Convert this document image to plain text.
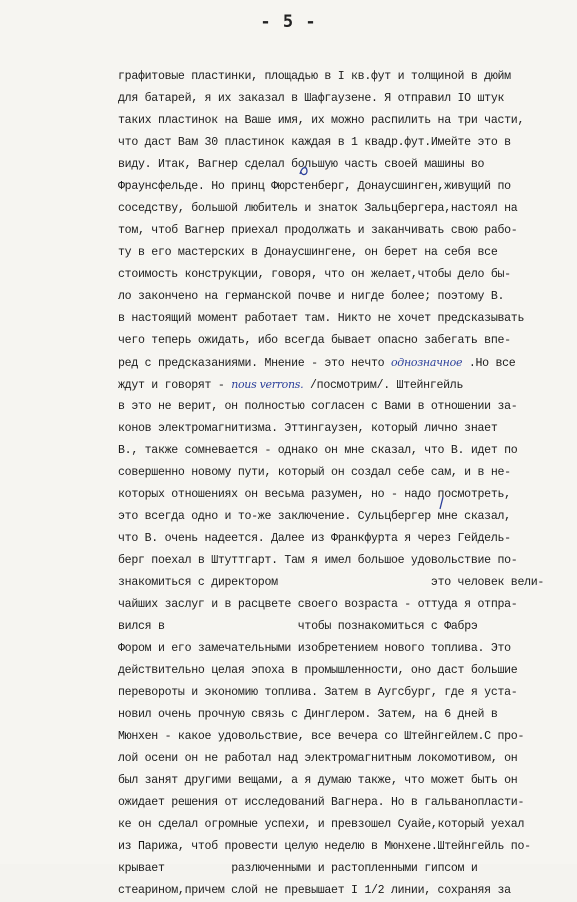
- 5 -
графитовые пластинки, площадью в I кв.фут и толщиной в дюйм
для батарей, я их заказал в Шафгаузене. Я отправил IO штук
таких пластинок на Ваше имя, их можно распилить на три части,
что даст Вам 30 пластинок каждая в 1 квадр.фут.Имейте это в
виду. Итак, Вагнер сделал большую часть своей машины во
Фраунсфельде. Но принц Фюрстенберг, Донаусшинген,живущий по
соседству, большой любитель и знаток Зальцбергера,настоял на
том, чтоб Вагнер приехал продолжать и заканчивать свою рабо-
ту в его мастерских в Донаусшингене, он берет на себя все
стоимость конструкции, говоря, что он желает,чтобы дело бы-
ло закончено на германской почве и нигде более; поэтому В.
в настоящий момент работает там. Никто не хочет предсказывать
чего теперь ожидать, ибо всегда бывает опасно забегать впе-
ред с предсказаниями. Мнение - это нечто однозначное .Но все
ждут и говорят - nous verrons. /посмотрим/. Штейнгейль
в это не верит, он полностью согласен с Вами в отношении за-
конов электромагнитизма. Эттингаузен, который лично знает
В., также сомневается - однако он мне сказал, что В. идет по
совершенно новому пути, который он создал себе сам, и в не-
которых отношениях он весьма разумен, но - надо посмотреть,
это всегда одно и то-же заключение. Сульцбергер мне сказал,
что В. очень надеется. Далее из Франкфурта я через Гейдель-
берг поехал в Штуттгарт. Там я имел большое удовольствие по-
знакомиться с директором	это человек вели-
чайших заслуг и в расцвете своего возраста - оттуда я отпра-
вился в	чтобы познакомиться с Фабрэ
Фором и его замечательными изобретением нового топлива. Это
действительно целая эпоха в промышленности, оно даст большие
перевороты и экономию топлива. Затем в Аугсбург, где я уста-
новил очень прочную связь с Динглером. Затем, на 6 дней в
Мюнхен - какое удовольствие, все вечера со Штейнгейлем.С про-
лой осени он не работал над электромагнитным локомотивом, он
был занят другими вещами, а я думаю также, что может быть он
ожидает решения от исследований Вагнера. Но в гальванопласти-
ке он сделал огромные успехи, и превзошел Суайе,который уехал
из Парижа, чтоб провести целую неделю в Мюнхене.Штейнгейль по-
крывает	разлюченными и растопленными гипсом и
стеарином,причем слой не превышает I 1/2 линии, сохраняя за
